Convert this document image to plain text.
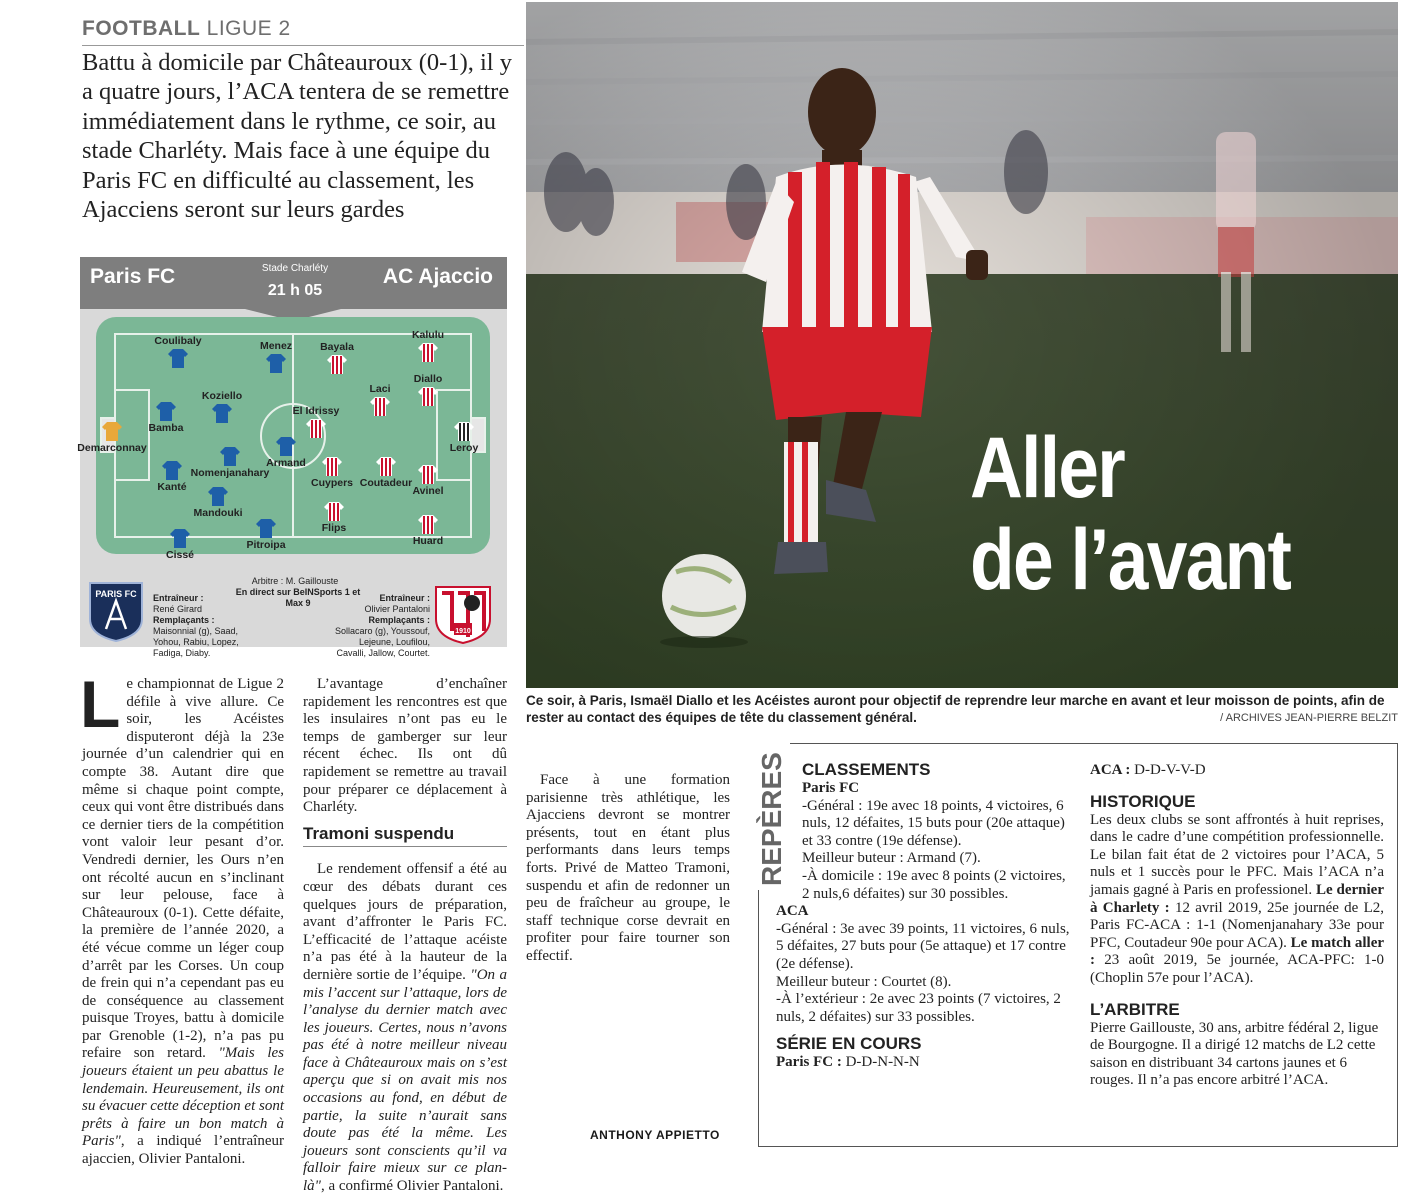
FOOTBALL LIGUE 2
Battu à domicile par Châteauroux (0-1), il y a quatre jours, l’ACA tentera de se remettre immédiatement dans le rythme, ce soir, au stade Charléty. Mais face à une équipe du Paris FC en difficulté au classement, les Ajacciens seront sur leurs gardes
Paris FC	AC Ajaccio
Stade Charléty
21 h 05
Demarconnay
Coulibaly
Bamba
Kanté
Cissé
Koziello
Nomenjanahary
Mandouki
Menez
Armand
Pitroipa
Leroy
Kalulu
Diallo
Avinel
Huard
Laci
Coutadeur
Bayala
El Idrissy
Cuypers
Flips
Arbitre : M. Gaillouste
En direct sur BeINSports 1 et Max 9
PARIS FC Entraîneur :
René Girard
Remplaçants :
Maisonnial (g), Saad, Yohou, Rabiu, Lopez, Fadiga, Diaby.
Entraîneur :
Olivier Pantaloni
Remplaçants :
Sollacaro (g), Youssouf, Lejeune, Loufilou, Cavalli, Jallow, Courtet.
1910
Aller
de l’avant
Ce soir, à Paris, Ismaël Diallo et les Acéistes auront pour objectif de reprendre leur marche en avant et leur moisson de points, afin de rester au contact des équipes de tête du classement général.	/ ARCHIVES JEAN-PIERRE BELZIT

Le championnat de Ligue 2 défile à vive allure. Ce soir, les Acéistes disputeront déjà la 23e journée d’un calendrier qui en compte 38. Autant dire que même si chaque point compte, ceux qui vont être distribués dans ce dernier tiers de la compétition vont valoir leur pesant d’or. Vendredi dernier, les Ours n’en ont récolté aucun en s’inclinant sur leur pelouse, face à Châteauroux (0-1). Cette défaite, la première de l’année 2020, a été vécue comme un léger coup d’arrêt par les Corses. Un coup de frein qui n’a cependant pas eu de conséquence au classement puisque Troyes, battu à domicile par Grenoble (1-2), n’a pas pu refaire son retard. "Mais les joueurs étaient un peu abattus le lendemain. Heureusement, ils ont su évacuer cette déception et sont prêts à faire un bon match à Paris", a indiqué l’entraîneur ajaccien, Olivier Pantaloni.

L’avantage d’enchaîner rapidement les rencontres est que les insulaires n’ont pas eu le temps de gamberger sur leur récent échec. Ils ont dû rapidement se remettre au travail pour préparer ce déplacement à Charléty.

Tramoni suspendu

Le rendement offensif a été au cœur des débats durant ces quelques jours de préparation, avant d’affronter le Paris FC. L’efficacité de l’attaque acéiste n’a pas été à la hauteur de la dernière sortie de l’équipe. "On a mis l’accent sur l’attaque, lors de l’analyse du dernier match avec les joueurs. Certes, nous n’avons pas été à notre meilleur niveau face à Châteauroux mais on s’est aperçu que si on avait mis nos occasions au fond, en début de partie, la suite n’aurait sans doute pas été la même. Les joueurs sont conscients qu’il va falloir faire mieux sur ce plan-là", a confirmé Olivier Pantaloni.

Face à une formation parisienne très athlétique, les Ajacciens devront se montrer présents, tout en étant plus performants dans leurs temps forts. Privé de Matteo Tramoni, suspendu et afin de redonner un peu de fraîcheur au groupe, le staff technique corse devrait en profiter pour faire tourner son effectif.

ANTHONY APPIETTO
REPÈRES CLASSEMENTS
Paris FC
-Général : 19e avec 18 points, 4 victoires, 6 nuls, 12 défaites, 15 buts pour (20e attaque) et 33 contre (19e défense).
Meilleur buteur : Armand (7).
-À domicile : 19e avec 8 points (2 victoires, 2 nuls,6 défaites) sur 30 possibles.
ACA
-Général : 3e avec 39 points, 11 victoires, 6 nuls, 5 défaites, 27 buts pour (5e attaque) et 17 contre (2e défense).
Meilleur buteur : Courtet (8).
-À l’extérieur : 2e avec 23 points (7 victoires, 2 nuls, 2 défaites) sur 33 possibles.
SÉRIE EN COURS
Paris FC : D-D-N-N-N
ACA : D-D-V-V-D
HISTORIQUE
Les deux clubs se sont affrontés à huit reprises, dans le cadre d’une compétition professionnelle. Le bilan fait état de 2 victoires pour l’ACA, 5 nuls et 1 succès pour le PFC. Mais l’ACA n’a jamais gagné à Paris en professionel. Le dernier à Charlety : 12 avril 2019, 25e journée de L2, Paris FC-ACA : 1-1 (Nomenjanahary 33e pour PFC, Coutadeur 90e pour ACA). Le match aller : 23 août 2019, 5e journée, ACA-PFC: 1-0 (Choplin 57e pour l’ACA).
L’ARBITRE
Pierre Gaillouste, 30 ans, arbitre fédéral 2, ligue de Bourgogne. Il a dirigé 12 matchs de L2 cette saison en distribuant 34 cartons jaunes et 6 rouges. Il n’a pas encore arbitré l’ACA.
